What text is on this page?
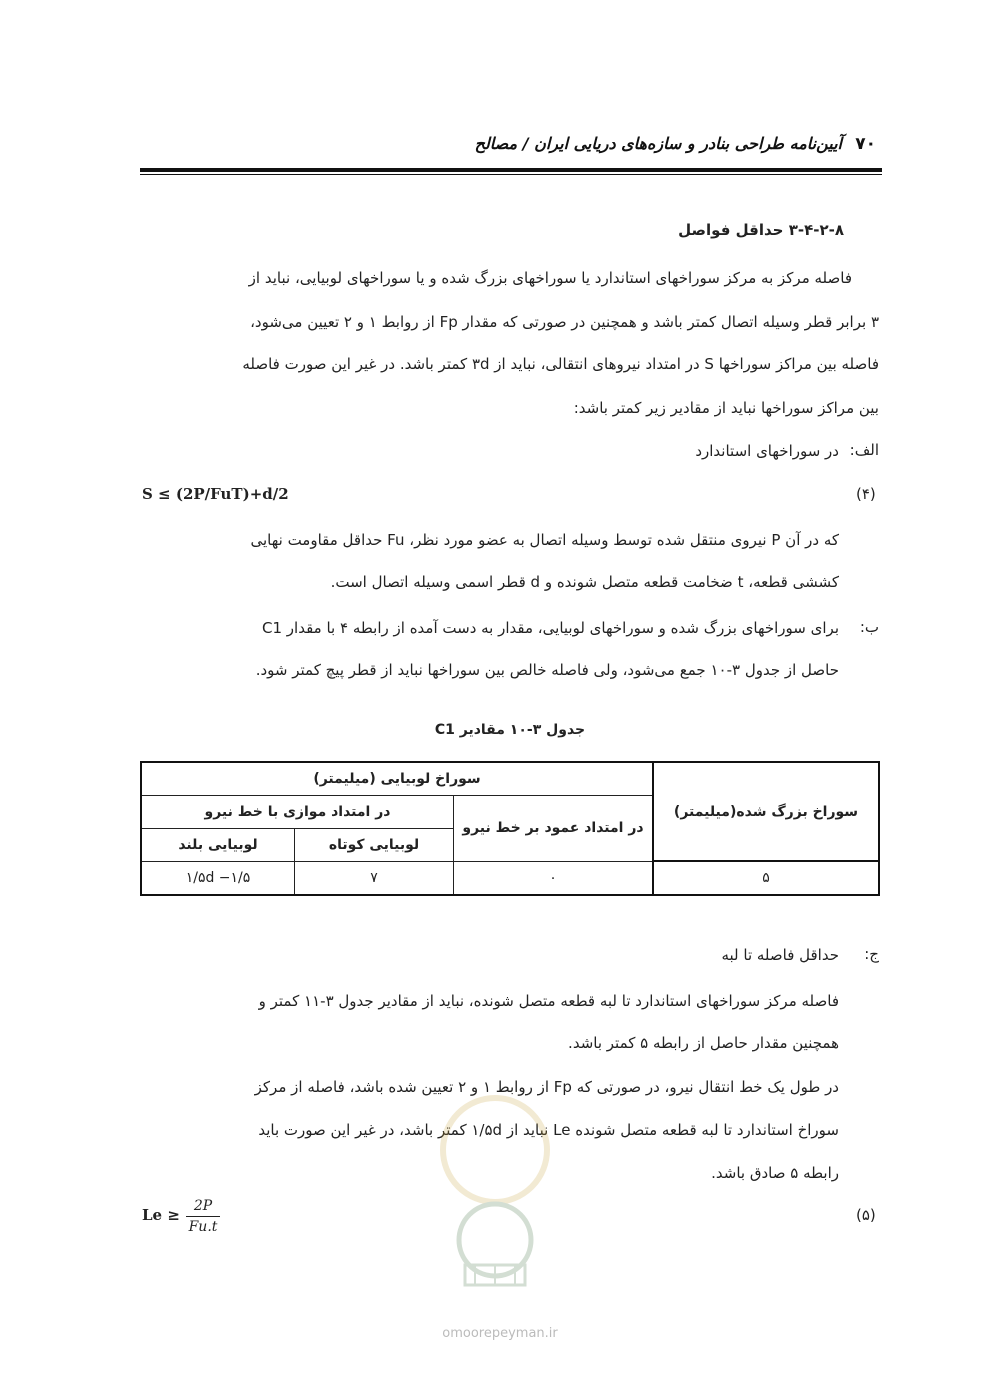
آیین‌نامه طراحی بنادر و سازه‌های دریایی ایران / مصالح ۷۰
۳-۴-۲-۸ حداقل فواصل
فاصله مرکز به مرکز سوراخهای استاندارد یا سوراخهای بزرگ شده و یا سوراخهای لوبیایی، نباید از
۳ برابر قطر وسیله اتصال کمتر باشد و همچنین در صورتی که مقدار Fp از روابط ۱ و ۲ تعیین می‌شود،
فاصله بین مراکز سوراخها S در امتداد نیروهای انتقالی، نباید از ۳d کمتر باشد. در غیر این صورت فاصله
بین مراکز سوراخها نباید از مقادیر زیر کمتر باشد:
الف:
در سوراخهای استاندارد
S ≤ (2P/FuT)+d/2	(۴)
که در آن P نیروی منتقل شده توسط وسیله اتصال به عضو مورد نظر، Fu حداقل مقاومت نهایی
کششی قطعه، t ضخامت قطعه متصل شونده و d قطر اسمی وسیله اتصال است.
ب:
برای سوراخهای بزرگ شده و سوراخهای لوبیایی، مقدار به دست آمده از رابطه ۴ با مقدار C1
حاصل از جدول ۳-۱۰ جمع می‌شود، ولی فاصله خالص بین سوراخها نباید از قطر پیچ کمتر شود.
جدول ۳-۱۰ مقادیر C1
سوراخ بزرگ شده(میلیمتر)	سوراخ لوبیایی (میلیمتر)		
	در امتداد عمود بر خط نیرو	در امتداد موازی با خط نیرو	
		لوبیایی کوتاه	لوبیایی بلند
۵	۰	۷	۱/۵d −۱/۵
ج:
حداقل فاصله تا لبه
فاصله مرکز سوراخهای استاندارد تا لبه قطعه متصل شونده، نباید از مقادیر جدول ۳-۱۱ کمتر و
همچنین مقدار حاصل از رابطه ۵ کمتر باشد.
در طول یک خط انتقال نیرو، در صورتی که Fp از روابط ۱ و ۲ تعیین شده باشد، فاصله از مرکز
سوراخ استاندارد تا لبه قطعه متصل شونده Le نباید از ۱/۵d کمتر باشد، در غیر این صورت باید
رابطه ۵ صادق باشد.
Le ≥ 2P
Fu.t
(۵)
omoorepeyman.ir
